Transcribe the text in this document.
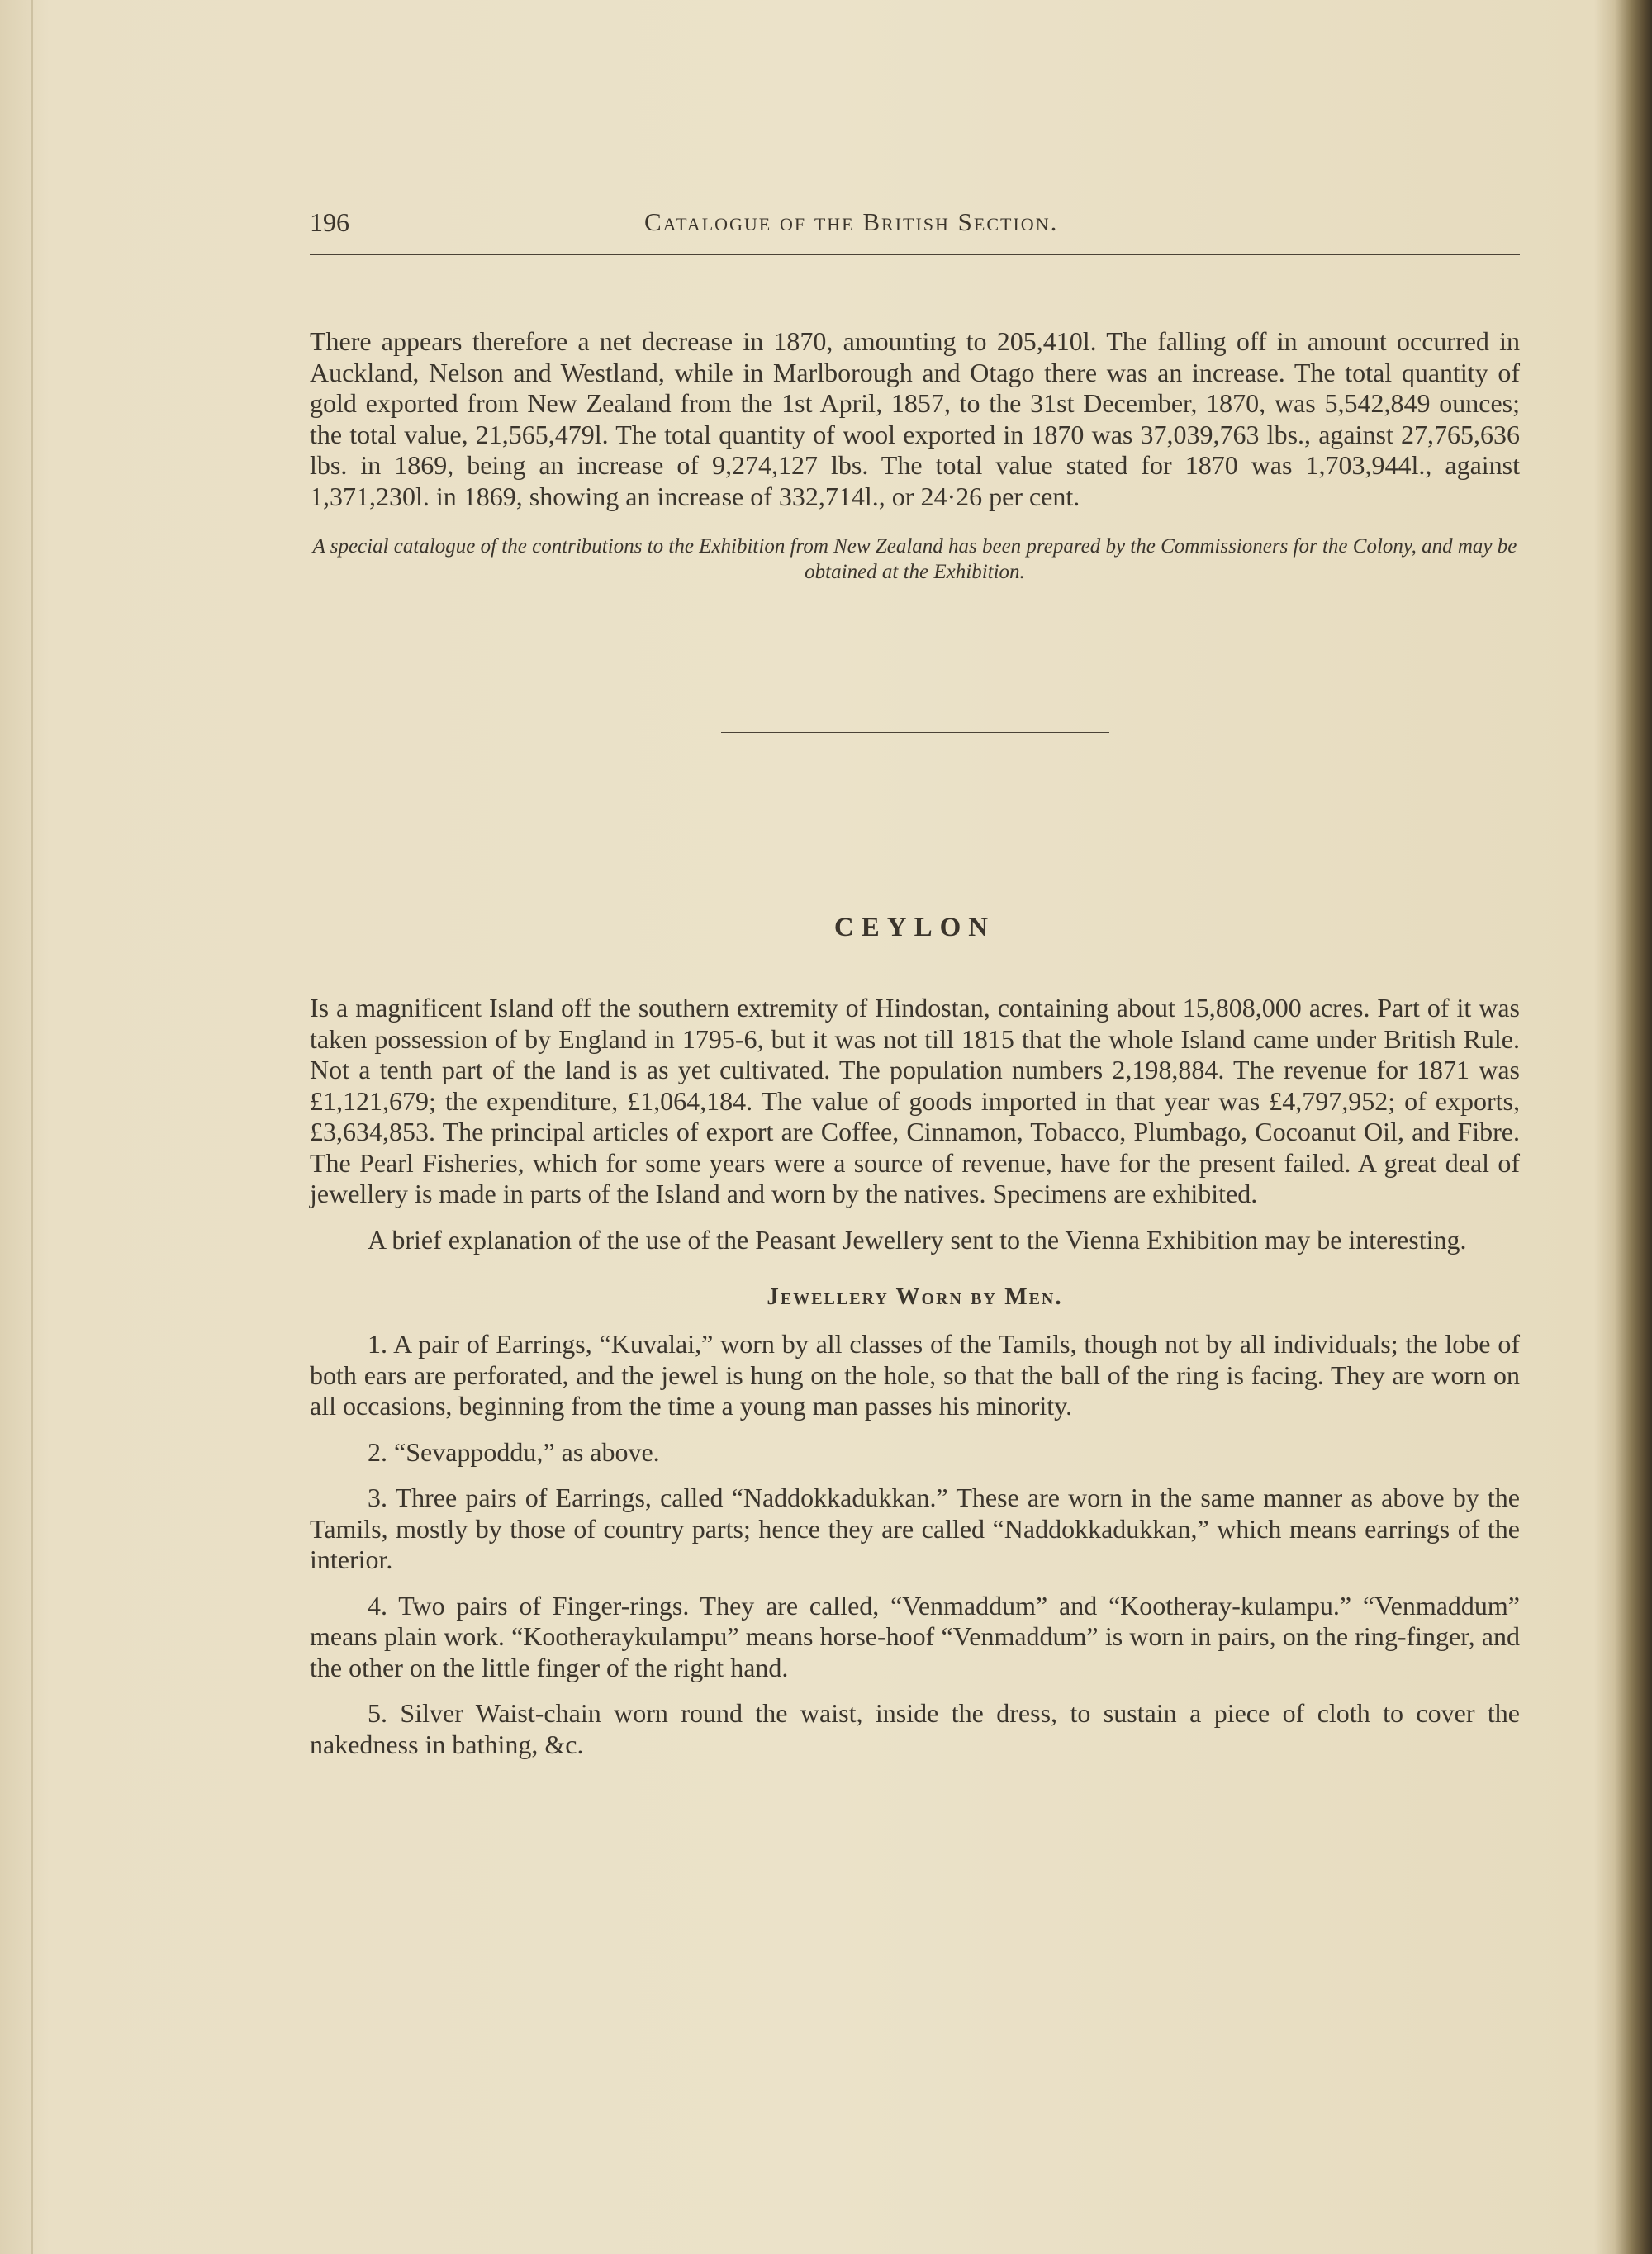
196	Catalogue of the British Section.

There appears therefore a net decrease in 1870, amounting to 205,410l. The falling off in amount occurred in Auckland, Nelson and Westland, while in Marlborough and Otago there was an increase. The total quantity of gold exported from New Zealand from the 1st April, 1857, to the 31st December, 1870, was 5,542,849 ounces; the total value, 21,565,479l. The total quantity of wool exported in 1870 was 37,039,763 lbs., against 27,765,636 lbs. in 1869, being an increase of 9,274,127 lbs. The total value stated for 1870 was 1,703,944l., against 1,371,230l. in 1869, showing an increase of 332,714l., or 24·26 per cent.

A special catalogue of the contributions to the Exhibition from New Zealand has been prepared by the Commissioners for the Colony, and may be obtained at the Exhibition.

CEYLON

Is a magnificent Island off the southern extremity of Hindostan, containing about 15,808,000 acres. Part of it was taken possession of by England in 1795-6, but it was not till 1815 that the whole Island came under British Rule. Not a tenth part of the land is as yet cultivated. The population numbers 2,198,884. The revenue for 1871 was £1,121,679; the expenditure, £1,064,184. The value of goods imported in that year was £4,797,952; of exports, £3,634,853. The principal articles of export are Coffee, Cinnamon, Tobacco, Plumbago, Cocoanut Oil, and Fibre. The Pearl Fisheries, which for some years were a source of revenue, have for the present failed. A great deal of jewellery is made in parts of the Island and worn by the natives. Specimens are exhibited.

A brief explanation of the use of the Peasant Jewellery sent to the Vienna Exhibition may be interesting.

Jewellery Worn by Men.

1. A pair of Earrings, “Kuvalai,” worn by all classes of the Tamils, though not by all individuals; the lobe of both ears are perforated, and the jewel is hung on the hole, so that the ball of the ring is facing. They are worn on all occasions, beginning from the time a young man passes his minority.

2. “Sevappoddu,” as above.

3. Three pairs of Earrings, called “Naddokkadukkan.” These are worn in the same manner as above by the Tamils, mostly by those of country parts; hence they are called “Naddokkadukkan,” which means earrings of the interior.

4. Two pairs of Finger-rings. They are called, “Venmaddum” and “Kootheray-kulampu.” “Venmaddum” means plain work. “Kootheraykulampu” means horse-hoof “Venmaddum” is worn in pairs, on the ring-finger, and the other on the little finger of the right hand.

5. Silver Waist-chain worn round the waist, inside the dress, to sustain a piece of cloth to cover the nakedness in bathing, &c.
